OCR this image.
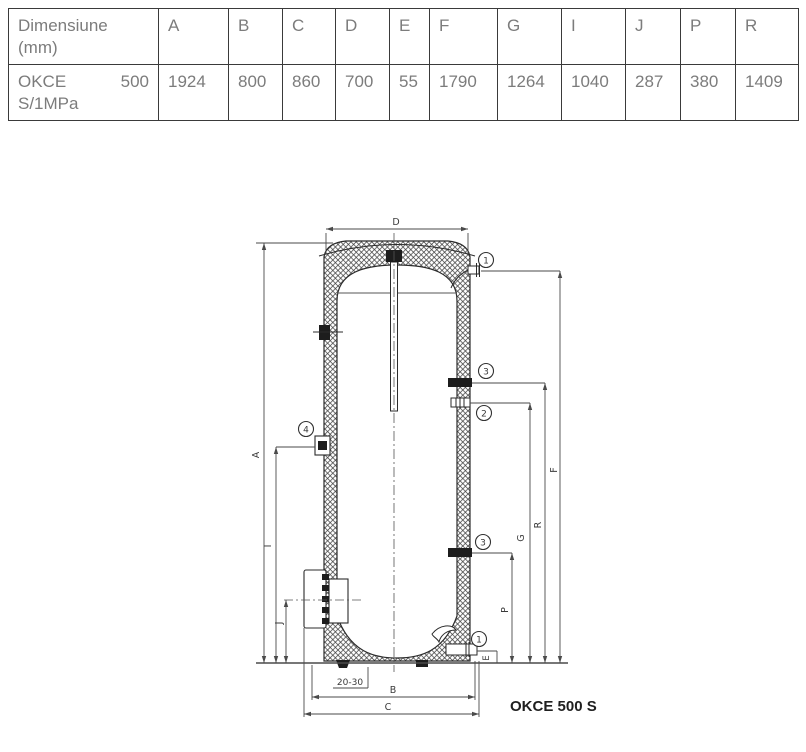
Dimensiune (mm)	A	B	C	D	E	F	G	I	J	P	R

OKCE 500
S/1MPa	1924	800	860	700	55	1790	1264	1040	287	380	1409
D
A
I
J
F
R
G
P
E
B
C
20-30
1
3
2
4
3
1
OKCE 500 S
